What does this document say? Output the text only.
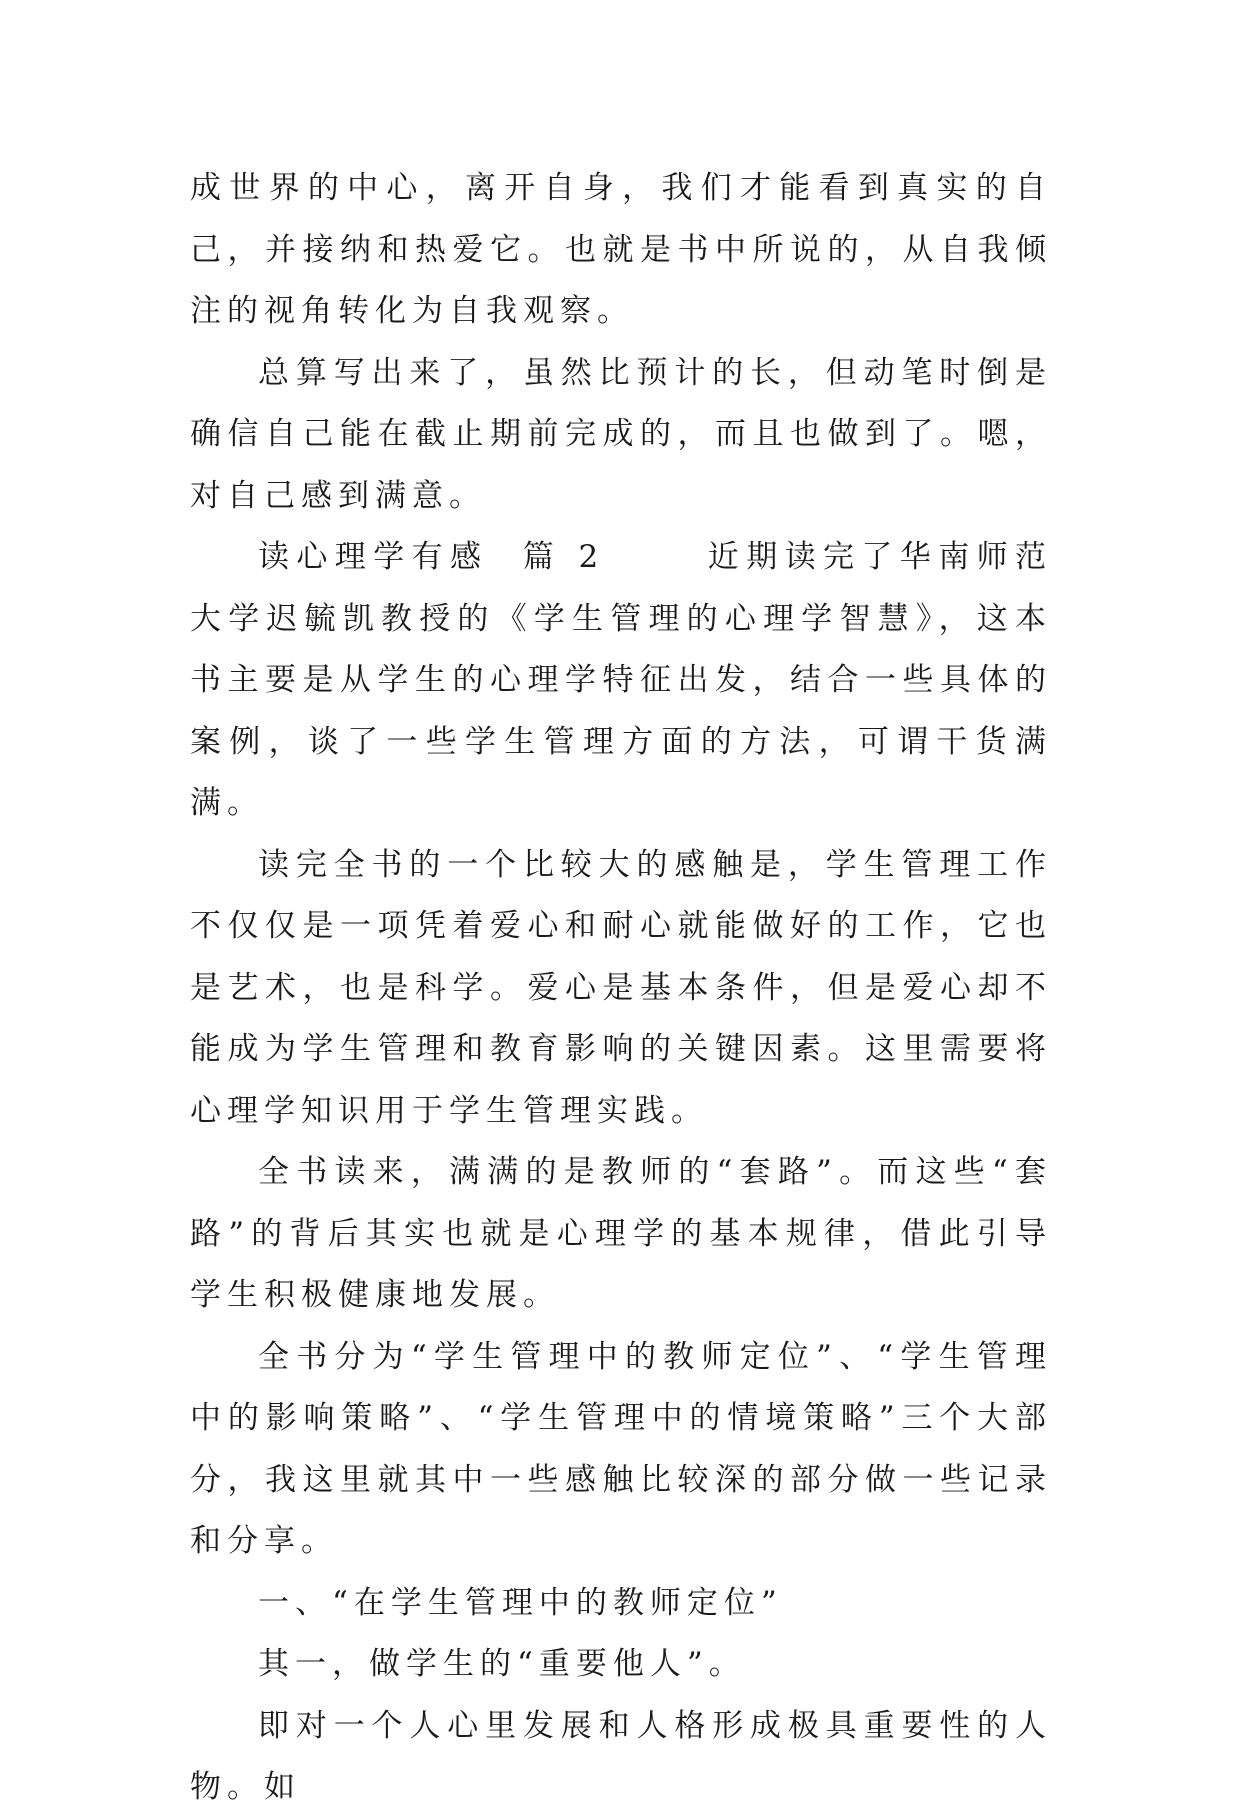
成世界的中心，离开自身，我们才能看到真实的自己，并接纳和热爱它。也就是书中所说的，从自我倾注的视角转化为自我观察。

总算写出来了，虽然比预计的长，但动笔时倒是确信自己能在截止期前完成的，而且也做到了。嗯，对自己感到满意。

读心理学有感  篇 2      近期读完了华南师范大学迟毓凯教授的《学生管理的心理学智慧》，这本书主要是从学生的心理学特征出发，结合一些具体的案例，谈了一些学生管理方面的方法，可谓干货满满。

读完全书的一个比较大的感触是，学生管理工作不仅仅是一项凭着爱心和耐心就能做好的工作，它也是艺术，也是科学。爱心是基本条件，但是爱心却不能成为学生管理和教育影响的关键因素。这里需要将心理学知识用于学生管理实践。

全书读来，满满的是教师的“套路”。而这些“套路”的背后其实也就是心理学的基本规律，借此引导学生积极健康地发展。

全书分为“学生管理中的教师定位”、“学生管理中的影响策略”、“学生管理中的情境策略”三个大部分，我这里就其中一些感触比较深的部分做一些记录和分享。

一、“在学生管理中的教师定位”

其一，做学生的“重要他人”。

即对一个人心里发展和人格形成极具重要性的人物。如
